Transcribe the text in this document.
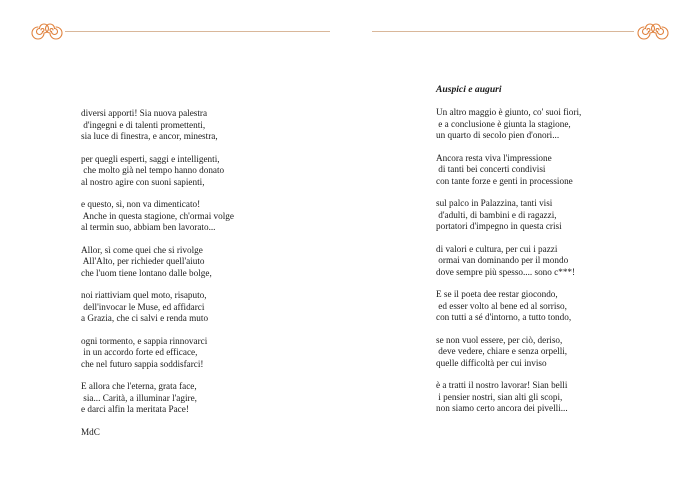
diversi apporti! Sia nuova palestra
d'ingegni e di talenti promettenti,
sia luce di finestra, e ancor, minestra,
per quegli esperti, saggi e intelligenti,
che molto già nel tempo hanno donato
al nostro agire con suoni sapienti,
e questo, sì, non va dimenticato!
Anche in questa stagione, ch'ormai volge
al termin suo, abbiam ben lavorato...
Allor, sì come quei che si rivolge
All'Alto, per richieder quell'aiuto
che l'uom tiene lontano dalle bolge,
noi riattiviam quel moto, risaputo,
dell'invocar le Muse, ed affidarci
a Grazia, che ci salvi e renda muto
ogni tormento, e sappia rinnovarci
in un accordo forte ed efficace,
che nel futuro sappia soddisfarci!
E allora che l'eterna, grata face,
sia... Carità, a illuminar l'agire,
e darci alfin la meritata Pace!
MdC
Auspici e auguri
Un altro maggio è giunto, co' suoi fiori,
e a conclusione è giunta la stagione,
un quarto di secolo pien d'onori...
Ancora resta viva l'impressione
di tanti bei concerti condivisi
con tante forze e genti in processione
sul palco in Palazzina, tanti visi
d'adulti, di bambini e di ragazzi,
portatori d'impegno in questa crisi
di valori e cultura, per cui i pazzi
ormai van dominando per il mondo
dove sempre più spesso.... sono c***!
E se il poeta dee restar giocondo,
ed esser volto al bene ed al sorriso,
con tutti a sé d'intorno, a tutto tondo,
se non vuol essere, per ciò, deriso,
deve vedere, chiare e senza orpelli,
quelle difficoltà per cui inviso
è a tratti il nostro lavorar! Sian belli
i pensier nostri, sian alti gli scopi,
non siamo certo ancora dei pivelli...
